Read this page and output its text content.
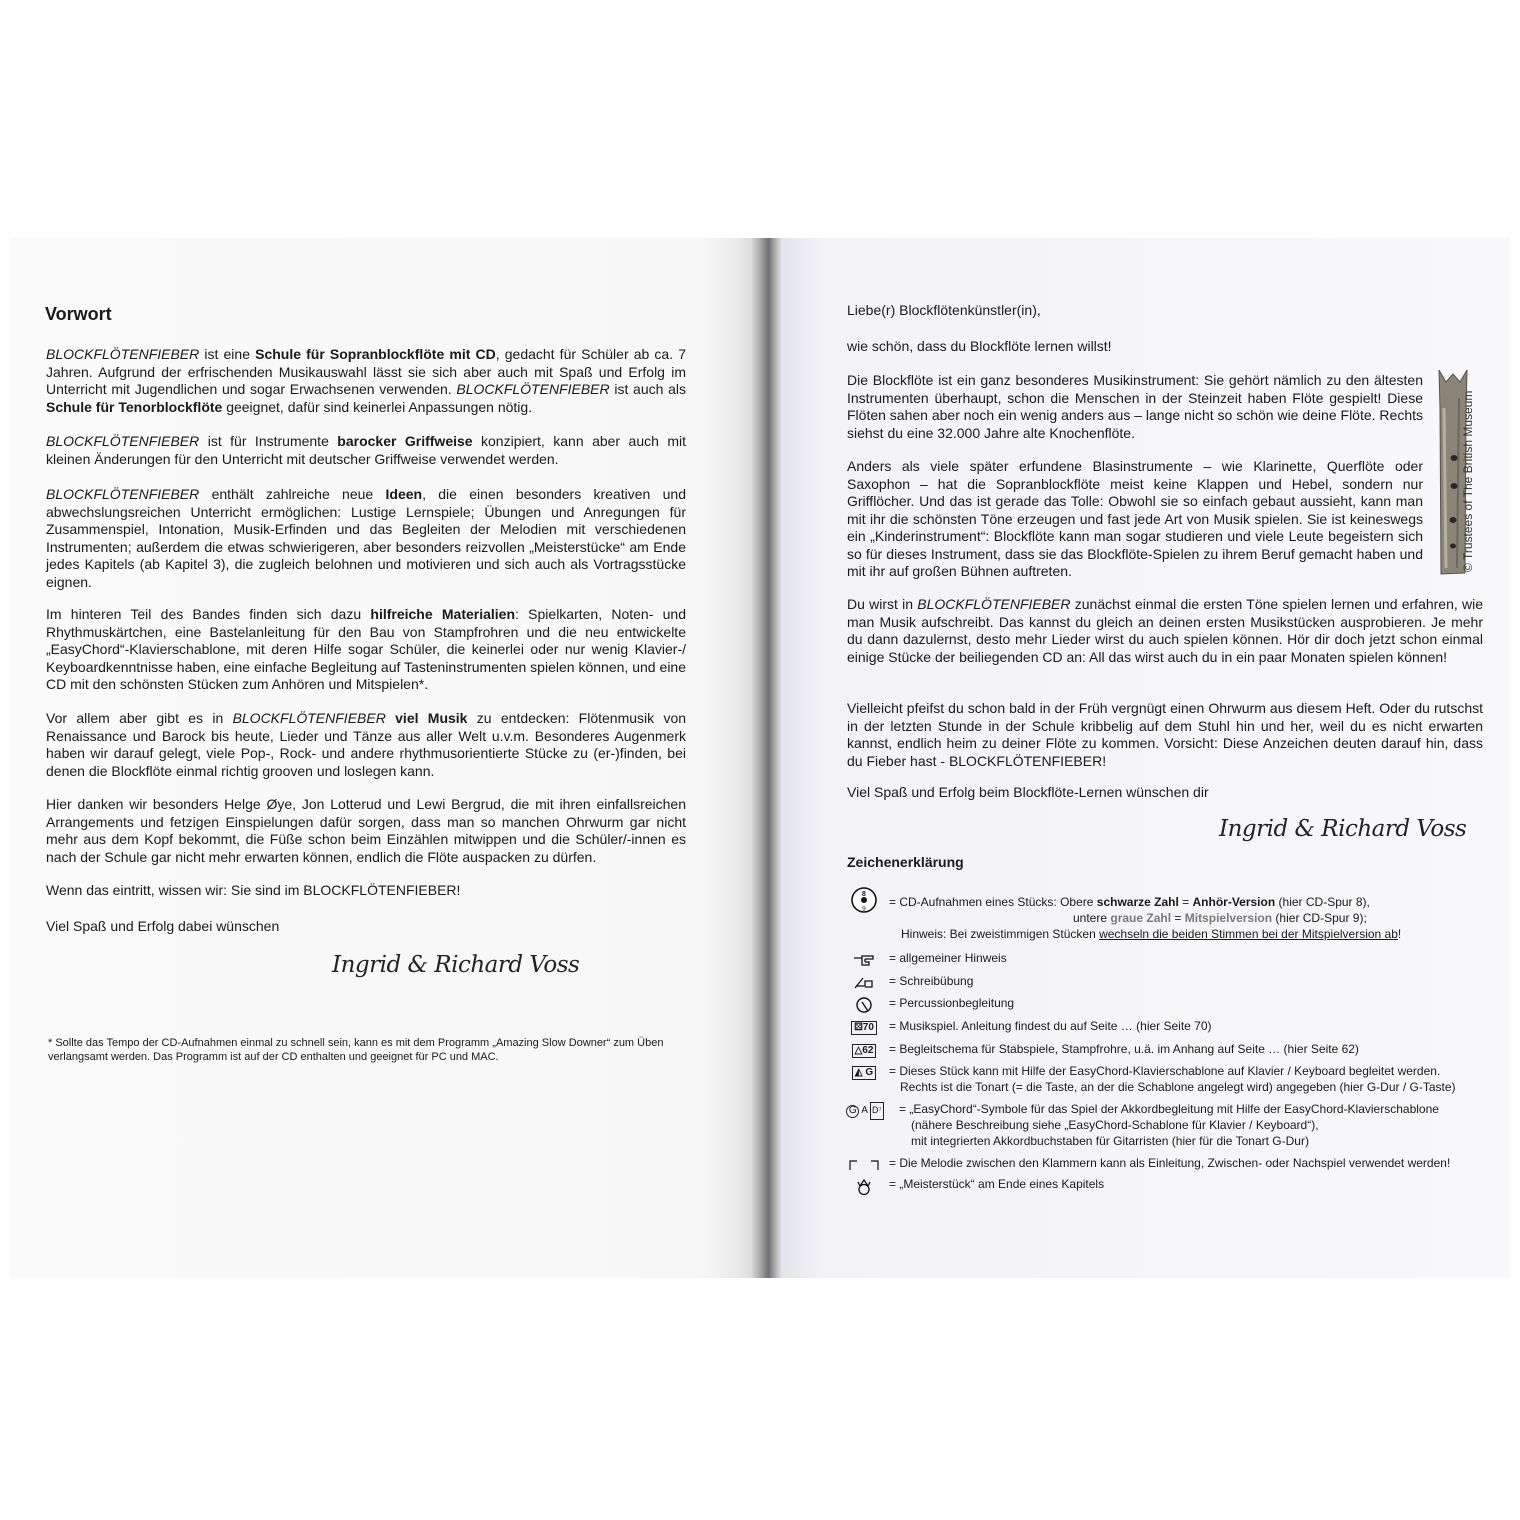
Vorwort

BLOCKFLÖTENFIEBER ist eine Schule für Sopranblockflöte mit CD, gedacht für Schüler ab ca. 7 Jahren. Aufgrund der erfrischenden Musikauswahl lässt sie sich aber auch mit Spaß und Erfolg im Unterricht mit Jugendlichen und sogar Erwachsenen verwenden. BLOCKFLÖTENFIEBER ist auch als Schule für Tenorblockflöte geeignet, dafür sind keinerlei Anpassungen nötig.

BLOCKFLÖTENFIEBER ist für Instrumente barocker Griffweise konzipiert, kann aber auch mit kleinen Änderungen für den Unterricht mit deutscher Griffweise verwendet werden.

BLOCKFLÖTENFIEBER enthält zahlreiche neue Ideen, die einen besonders kreativen und abwechslungsreichen Unterricht ermöglichen: Lustige Lernspiele; Übungen und Anregungen für Zusammenspiel, Intonation, Musik-Erfinden und das Begleiten der Melodien mit verschiedenen Instrumenten; außerdem die etwas schwierigeren, aber besonders reizvollen „Meisterstücke“ am Ende jedes Kapitels (ab Kapitel 3), die zugleich belohnen und motivieren und sich auch als Vortragsstücke eignen.

Im hinteren Teil des Bandes finden sich dazu hilfreiche Materialien: Spielkarten, Noten- und Rhythmuskärtchen, eine Bastelanleitung für den Bau von Stampfrohren und die neu entwickelte „EasyChord“-Klavierschablone, mit deren Hilfe sogar Schüler, die keinerlei oder nur wenig Klavier-/ Keyboardkenntnisse haben, eine einfache Begleitung auf Tasteninstrumenten spielen können, und eine CD mit den schönsten Stücken zum Anhören und Mitspielen*.

Vor allem aber gibt es in BLOCKFLÖTENFIEBER viel Musik zu entdecken: Flötenmusik von Renaissance und Barock bis heute, Lieder und Tänze aus aller Welt u.v.m. Besonderes Augenmerk haben wir darauf gelegt, viele Pop-, Rock- und andere rhythmusorientierte Stücke zu (er-)finden, bei denen die Blockflöte einmal richtig grooven und loslegen kann.

Hier danken wir besonders Helge Øye, Jon Lotterud und Lewi Bergrud, die mit ihren einfallsreichen Arrangements und fetzigen Einspielungen dafür sorgen, dass man so manchen Ohrwurm gar nicht mehr aus dem Kopf bekommt, die Füße schon beim Einzählen mitwippen und die Schüler/-innen es nach der Schule gar nicht mehr erwarten können, endlich die Flöte auspacken zu dürfen.

Wenn das eintritt, wissen wir: Sie sind im BLOCKFLÖTENFIEBER!

Viel Spaß und Erfolg dabei wünschen

Ingrid & Richard Voss

* Sollte das Tempo der CD-Aufnahmen einmal zu schnell sein, kann es mit dem Programm „Amazing Slow Downer“ zum Üben verlangsamt werden. Das Programm ist auf der CD enthalten und geeignet für PC und MAC.

Liebe(r) Blockflötenkünstler(in),

wie schön, dass du Blockflöte lernen willst!

Die Blockflöte ist ein ganz besonderes Musikinstrument: Sie gehört nämlich zu den ältesten Instrumenten überhaupt, schon die Menschen in der Steinzeit haben Flöte gespielt! Diese Flöten sahen aber noch ein wenig anders aus – lange nicht so schön wie deine Flöte. Rechts siehst du eine 32.000 Jahre alte Knochenflöte.

Anders als viele später erfundene Blasinstrumente – wie Klarinette, Querflöte oder Saxophon – hat die Sopranblockflöte meist keine Klappen und Hebel, sondern nur Grifflöcher. Und das ist gerade das Tolle: Obwohl sie so einfach gebaut aussieht, kann man mit ihr die schönsten Töne erzeugen und fast jede Art von Musik spielen. Sie ist keineswegs ein „Kinderinstrument“: Blockflöte kann man sogar studieren und viele Leute begeistern sich so für dieses Instrument, dass sie das Blockflöte-Spielen zu ihrem Beruf gemacht haben und mit ihr auf großen Bühnen auftreten.	© Trustees of The British Museum

Du wirst in BLOCKFLÖTENFIEBER zunächst einmal die ersten Töne spielen lernen und erfahren, wie man Musik aufschreibt. Das kannst du gleich an deinen ersten Musikstücken ausprobieren. Je mehr du dann dazulernst, desto mehr Lieder wirst du auch spielen können. Hör dir doch jetzt schon einmal einige Stücke der beiliegenden CD an: All das wirst auch du in ein paar Monaten spielen können!

Vielleicht pfeifst du schon bald in der Früh vergnügt einen Ohrwurm aus diesem Heft. Oder du rutschst in der letzten Stunde in der Schule kribbelig auf dem Stuhl hin und her, weil du es nicht erwarten kannst, endlich heim zu deiner Flöte zu kommen. Vorsicht: Diese Anzeichen deuten darauf hin, dass du Fieber hast - BLOCKFLÖTENFIEBER!

Viel Spaß und Erfolg beim Blockflöte-Lernen wünschen dir

Ingrid & Richard Voss
Zeichenerklärung
8
9
= CD-Aufnahmen eines Stücks: Obere schwarze Zahl = Anhör-Version (hier CD-Spur 8),
untere graue Zahl = Mitspielversion (hier CD-Spur 9);
Hinweis: Bei zweistimmigen Stücken wechseln die beiden Stimmen bei der Mitspielversion ab!
= allgemeiner Hinweis
= Schreibübung
= Percussionbegleitung
⚄70 = Musikspiel. Anleitung findest du auf Seite … (hier Seite 70)
△62 = Begleitschema für Stabspiele, Stampfrohre, u.ä. im Anhang auf Seite … (hier Seite 62)
◭ G = Dieses Stück kann mit Hilfe der EasyChord-Klavierschablone auf Klavier / Keyboard begleitet werden.
Rechts ist die Tonart (= die Taste, an der die Schablone angelegt wird) angegeben (hier G-Dur / G-Taste)
G A D⁷ = „EasyChord“-Symbole für das Spiel der Akkordbegleitung mit Hilfe der EasyChord-Klavierschablone
(nähere Beschreibung siehe „EasyChord-Schablone für Klavier / Keyboard“),
mit integrierten Akkordbuchstaben für Gitarristen (hier für die Tonart G-Dur)
= Die Melodie zwischen den Klammern kann als Einleitung, Zwischen- oder Nachspiel verwendet werden!
= „Meisterstück“ am Ende eines Kapitels
